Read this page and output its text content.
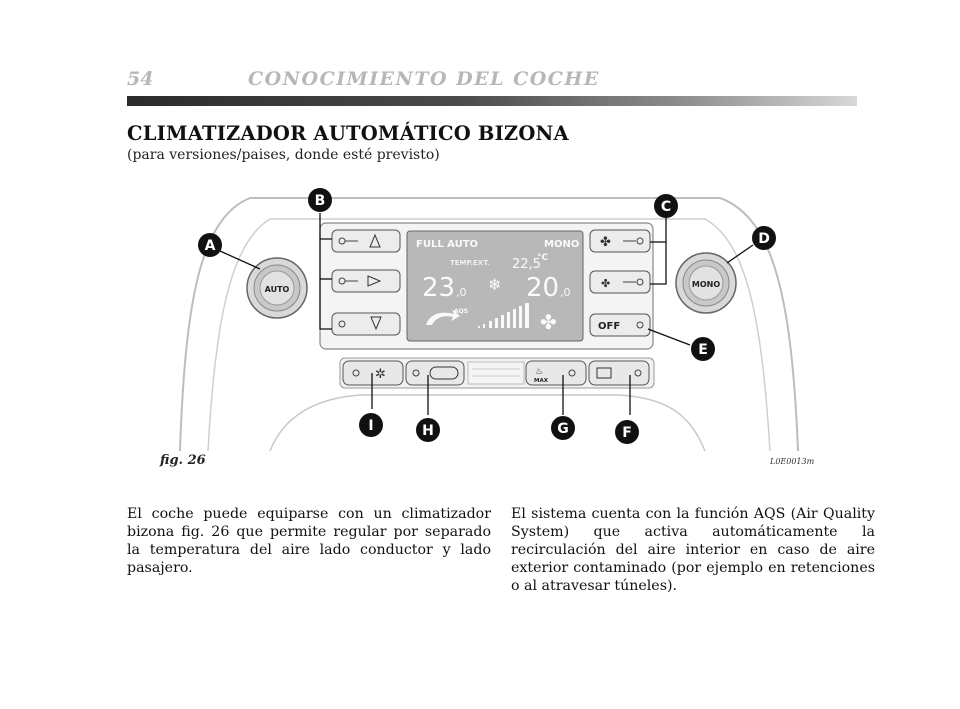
54	CONOCIMIENTO DEL COCHE
CLIMATIZADOR AUTOMÁTICO BIZONA
(para versiones/paises, donde esté previsto)
FULL AUTO	MONO
TEMP.EXT. 22,5
°C
23 ,0 ❄ 20 ,0
AQS	✤
✤
✤
OFF
AUTO
MONO
✲	♨
MAX
A
B	C
D
E
F
G
H
I
fig. 26	L0E0013m
El coche puede equiparse con un climatizador bizona fig. 26 que permite regular por separado la temperatura del aire lado conductor y lado pasajero.
El sistema cuenta con la función AQS (Air Quality System) que activa automáticamente la recirculación del aire interior en caso de aire exterior contaminado (por ejemplo en retenciones o al atravesar túneles).
